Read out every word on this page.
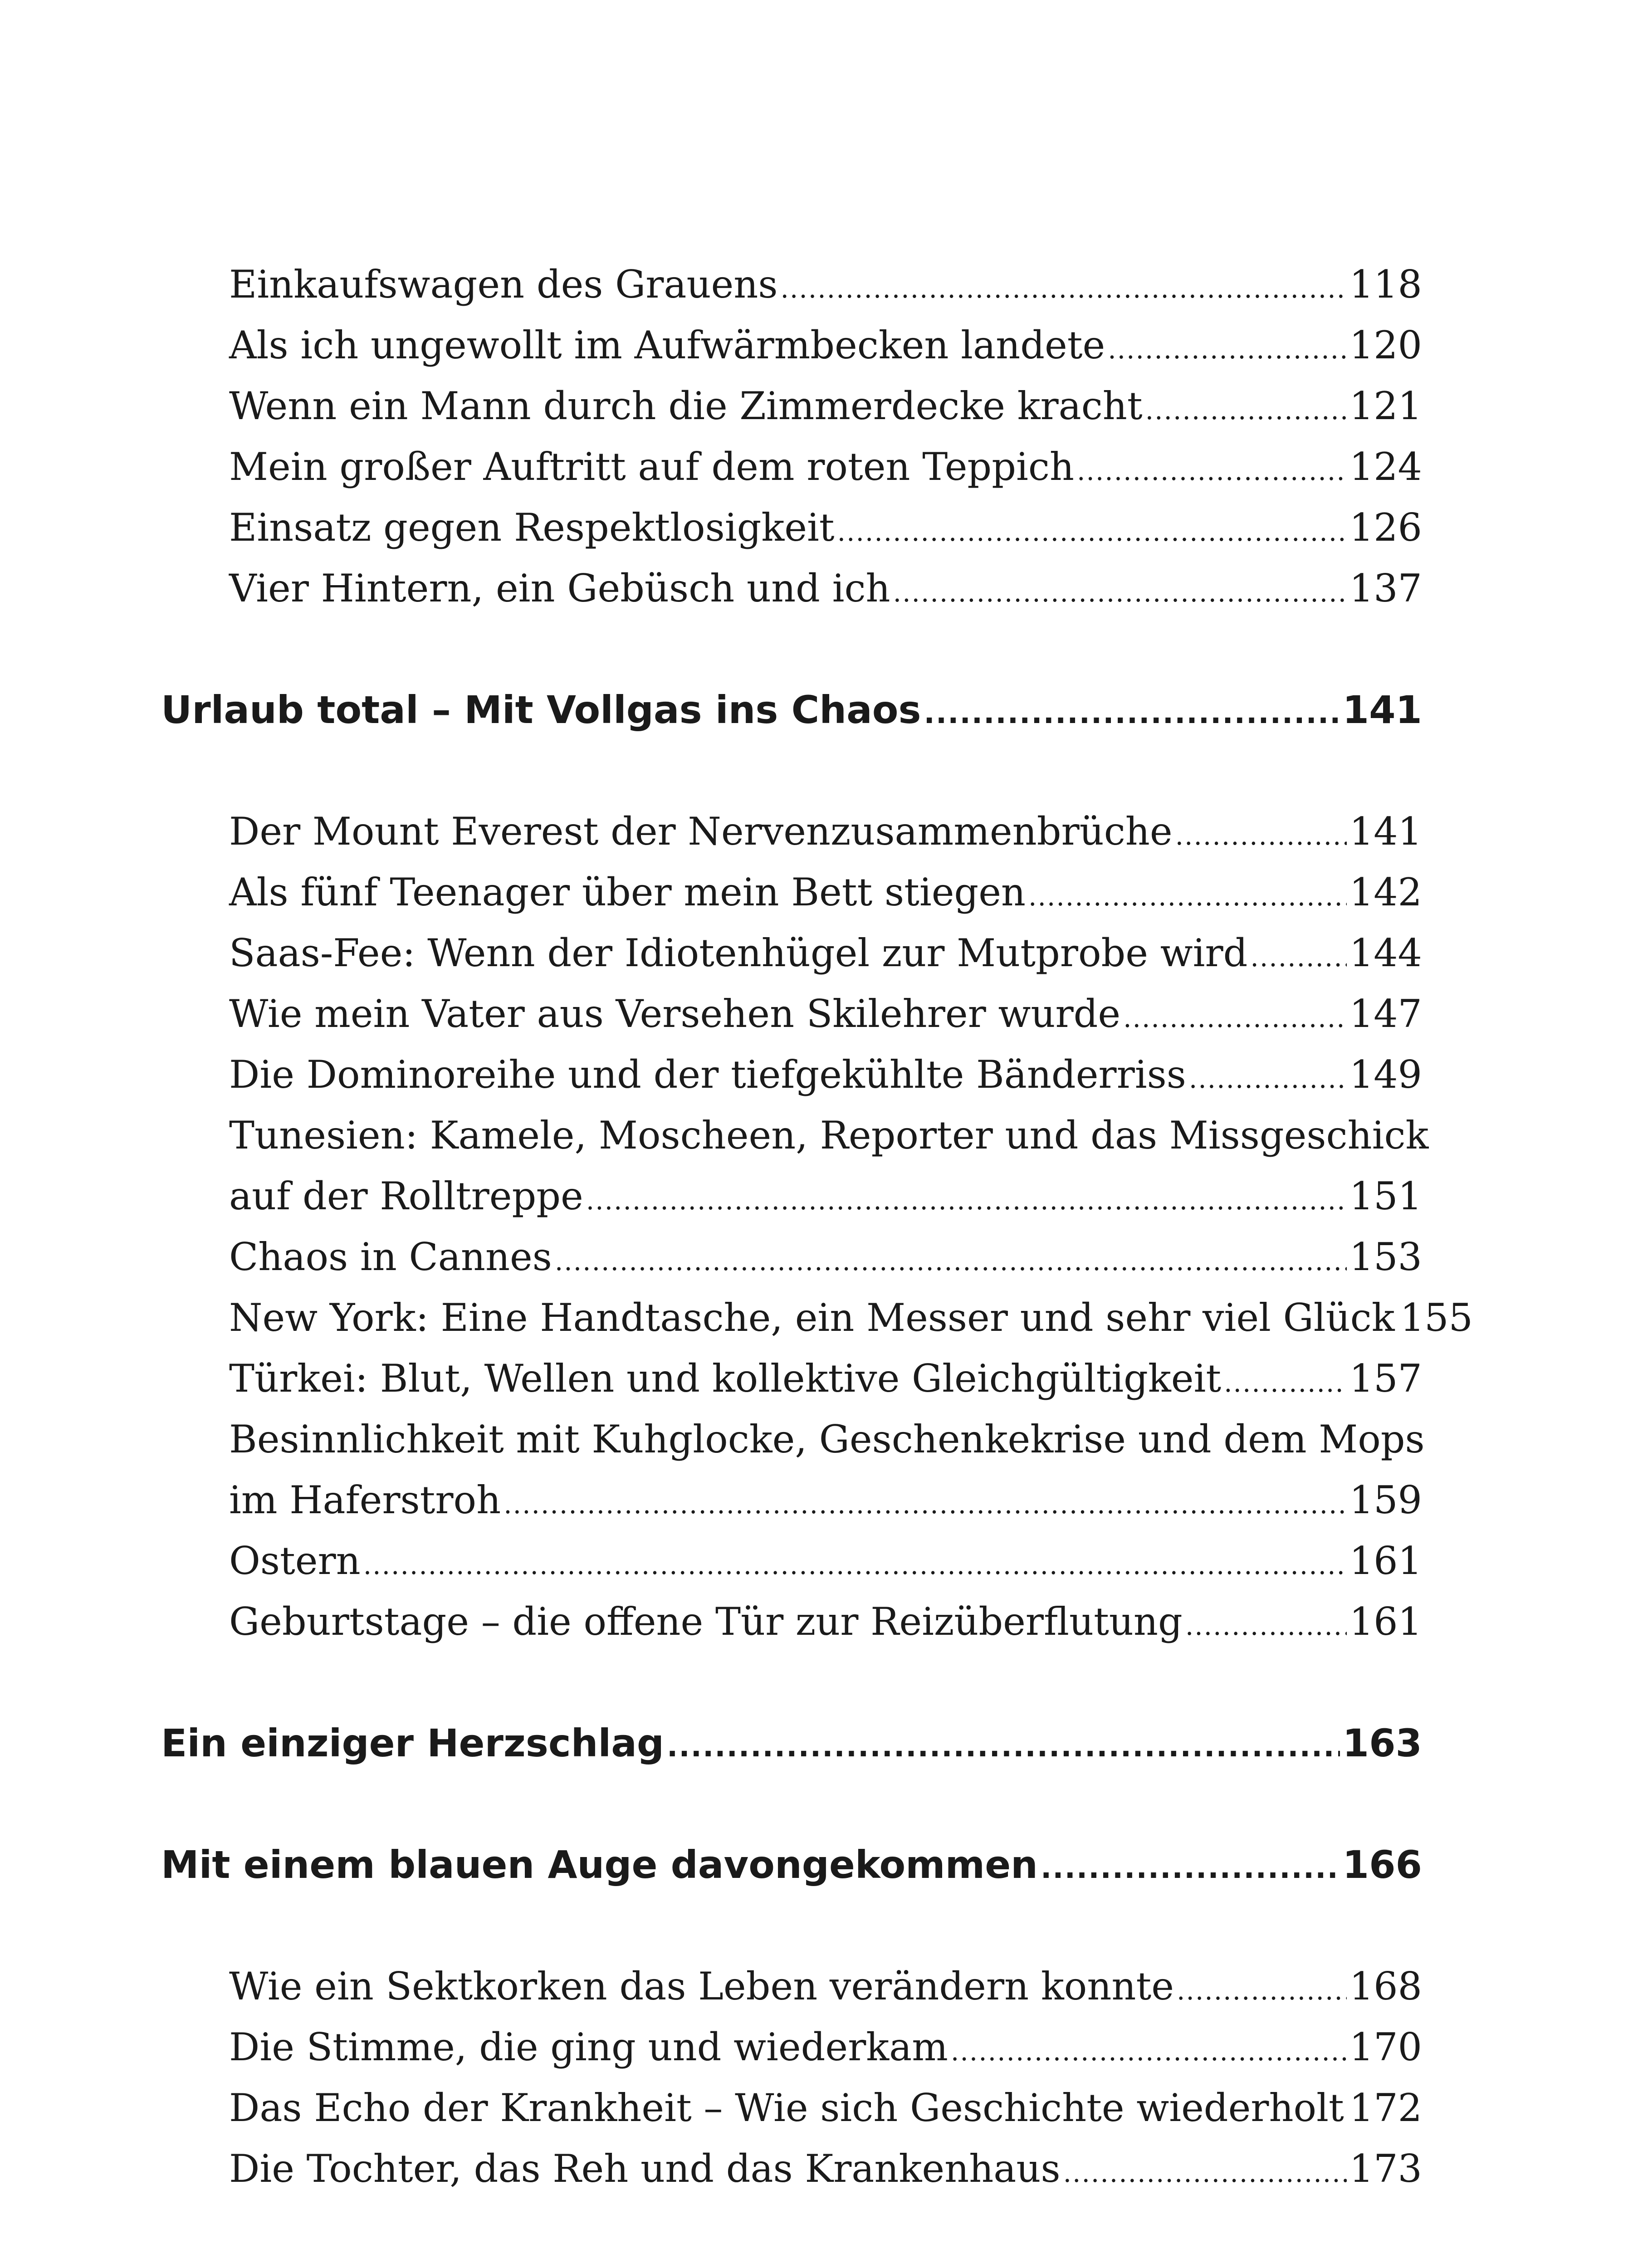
Einkaufswagen des Grauens .....	118
Als ich ungewollt im Aufwärmbecken landete .....	120
Wenn ein Mann durch die Zimmerdecke kracht .....	121
Mein großer Auftritt auf dem roten Teppich .....	124
Einsatz gegen Respektlosigkeit .....	126
Vier Hintern, ein Gebüsch und ich .....	137
Urlaub total – Mit Vollgas ins Chaos .....	141
Der Mount Everest der Nervenzusammenbrüche .....	141
Als fünf Teenager über mein Bett stiegen .....	142
Saas-Fee: Wenn der Idiotenhügel zur Mutprobe wird .....	144
Wie mein Vater aus Versehen Skilehrer wurde .....	147
Die Dominoreihe und der tiefgekühlte Bänderriss .....	149
Tunesien: Kamele, Moscheen, Reporter und das Missgeschick
auf der Rolltreppe .....	151
Chaos in Cannes .....	153
New York: Eine Handtasche, ein Messer und sehr viel Glück 155
Türkei: Blut, Wellen und kollektive Gleichgültigkeit .....	157
Besinnlichkeit mit Kuhglocke, Geschenkekrise und dem Mops
im Haferstroh .....	159
Ostern .....	161
Geburtstage – die offene Tür zur Reizüberflutung .....	161
Ein einziger Herzschlag .....	163
Mit einem blauen Auge davongekommen .....	166
Wie ein Sektkorken das Leben verändern konnte .....	168
Die Stimme, die ging und wiederkam .....	170
Das Echo der Krankheit – Wie sich Geschichte wiederholt 172
Die Tochter, das Reh und das Krankenhaus .....	173
